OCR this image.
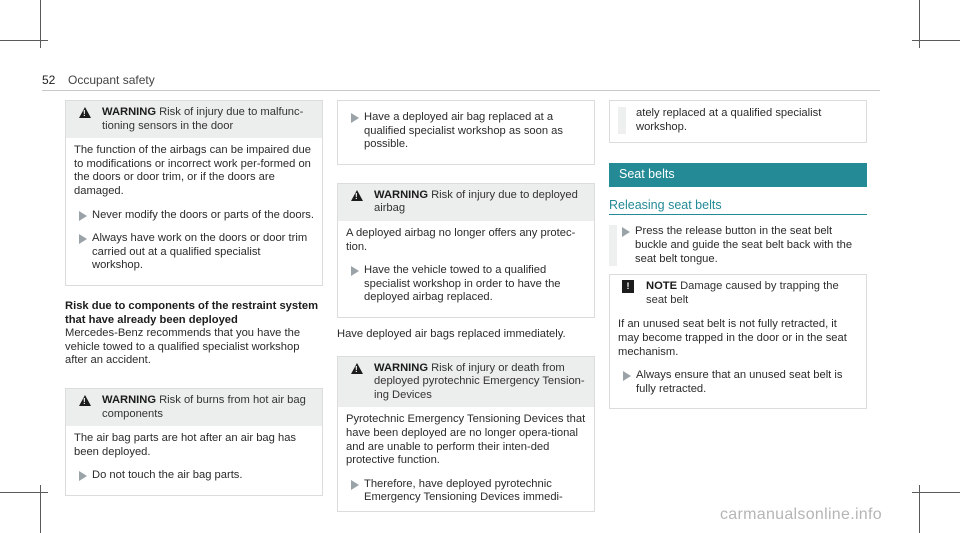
52 Occupant safety
! WARNING Risk of injury due to malfunc-tioning sensors in the door

The function of the airbags can be impaired due to modifications or incorrect work per-formed on the doors or door trim, or if the doors are damaged.

Never modify the doors or parts of the doors.
Always have work on the doors or door trim carried out at a qualified specialist workshop.
Risk due to components of the restraint system that have already been deployed

Mercedes-Benz recommends that you have the vehicle towed to a qualified specialist workshop after an accident.

! WARNING Risk of burns from hot air bag components

The air bag parts are hot after an air bag has been deployed.

Do not touch the air bag parts.
Have a deployed air bag replaced at a qualified specialist workshop as soon as possible.
! WARNING Risk of injury due to deployed airbag

A deployed airbag no longer offers any protec-tion.

Have the vehicle towed to a qualified specialist workshop in order to have the deployed airbag replaced.

Have deployed air bags replaced immediately.

! WARNING Risk of injury or death from deployed pyrotechnic Emergency Tension-ing Devices

Pyrotechnic Emergency Tensioning Devices that have been deployed are no longer opera-tional and are unable to perform their inten-ded protective function.

Therefore, have deployed pyrotechnic Emergency Tensioning Devices immedi-
ately replaced at a qualified specialist workshop.
Seat belts
Releasing seat belts
Press the release button in the seat belt buckle and guide the seat belt back with the seat belt tongue.
!	NOTE Damage caused by trapping the seat belt

If an unused seat belt is not fully retracted, it may become trapped in the door or in the seat mechanism.

Always ensure that an unused seat belt is fully retracted.
carmanualsonline.info
